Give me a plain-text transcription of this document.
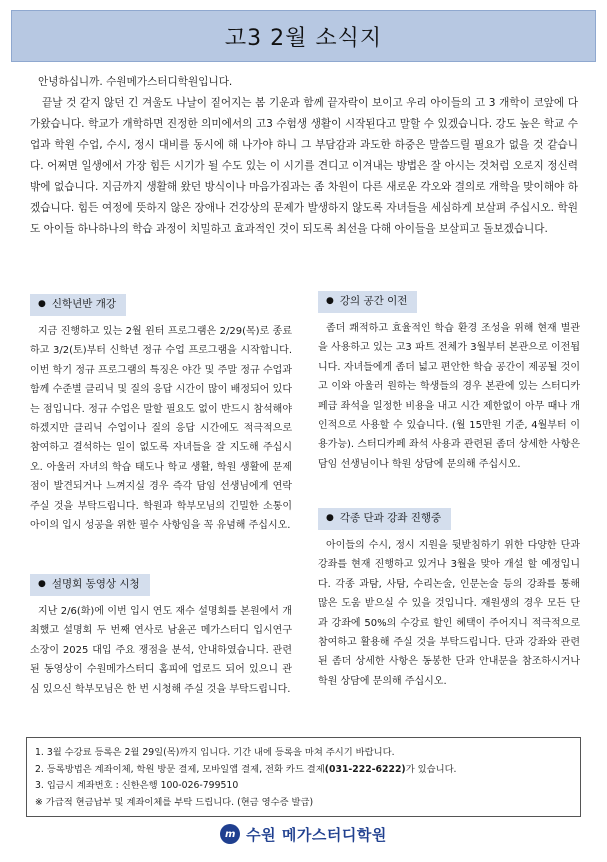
고3 2월 소식지

안녕하십니까. 수원메가스터디학원입니다.

끝날 것 같지 않던 긴 겨울도 나날이 짙어지는 봄 기운과 함께 끝자락이 보이고 우리 아이들의 고 3 개학이 코앞에 다가왔습니다. 학교가 개학하면 진정한 의미에서의 고3 수험생 생활이 시작된다고 말할 수 있겠습니다. 강도 높은 학교 수업과 학원 수업, 수시, 정시 대비를 동시에 해 나가야 하니 그 부담감과 과도한 하중은 말씀드릴 필요가 없을 것 같습니다. 어쩌면 일생에서 가장 힘든 시기가 될 수도 있는 이 시기를 견디고 이겨내는 방법은 잘 아시는 것처럼 오로지 정신력밖에 없습니다. 지금까지 생활해 왔던 방식이나 마음가짐과는 좀 차원이 다른 새로운 각오와 결의로 개학을 맞이해야 하겠습니다. 힘든 여정에 뜻하지 않은 장애나 건강상의 문제가 발생하지 않도록 자녀들을 세심하게 보살펴 주십시오. 학원도 아이들 하나하나의 학습 과정이 치밀하고 효과적인 것이 되도록 최선을 다해 아이들을 보살피고 돌보겠습니다.

● 신학년반 개강

지금 진행하고 있는 2월 윈터 프로그램은 2/29(목)로 종료하고 3/2(토)부터 신학년 정규 수업 프로그램을 시작합니다. 이번 학기 정규 프로그램의 특징은 야간 및 주말 정규 수업과 함께 수준별 클리닉 및 질의 응답 시간이 많이 배정되어 있다는 점입니다. 정규 수업은 말할 필요도 없이 반드시 참석해야 하겠지만 클리닉 수업이나 질의 응답 시간에도 적극적으로 참여하고 결석하는 일이 없도록 자녀들을 잘 지도해 주십시오. 아울러 자녀의 학습 태도나 학교 생활, 학원 생활에 문제점이 발견되거나 느껴지실 경우 즉각 담임 선생님에게 연락주실 것을 부탁드립니다. 학원과 학부모님의 긴밀한 소통이 아이의 입시 성공을 위한 필수 사항임을 꼭 유념해 주십시오.

● 설명회 동영상 시청

지난 2/6(화)에 이번 입시 연도 재수 설명회를 본원에서 개최했고 설명회 두 번째 연사로 남윤곤 메가스터디 입시연구소장이 2025 대입 주요 쟁점을 분석, 안내하였습니다. 관련된 동영상이 수원메가스터디 홈피에 업로드 되어 있으니 관심 있으신 학부모님은 한 번 시청해 주실 것을 부탁드립니다.

● 강의 공간 이전

좀더 쾌적하고 효율적인 학습 환경 조성을 위해 현재 별관을 사용하고 있는 고3 파트 전체가 3월부터 본관으로 이전됩니다. 자녀들에게 좀더 넓고 편안한 학습 공간이 제공될 것이고 이와 아울러 원하는 학생들의 경우 본관에 있는 스터디카페급 좌석을 일정한 비용을 내고 시간 제한없이 아무 때나 개인적으로 사용할 수 있습니다. (월 15만원 기준, 4월부터 이용가능). 스터디카페 좌석 사용과 관련된 좀더 상세한 사항은 담임 선생님이나 학원 상담에 문의해 주십시오.

● 각종 단과 강좌 진행중

아이들의 수시, 정시 지원을 뒷받침하기 위한 다양한 단과 강좌를 현재 진행하고 있거나 3월을 맞아 개설 할 예정입니다. 각종 과탐, 사탐, 수리논술, 인문논술 등의 강좌를 통해 많은 도움 받으실 수 있을 것입니다. 재원생의 경우 모든 단과 강좌에 50%의 수강료 할인 혜택이 주어지니 적극적으로 참여하고 활용해 주실 것을 부탁드립니다. 단과 강좌와 관련된 좀더 상세한 사항은 동봉한 단과 안내문을 참조하시거나 학원 상담에 문의해 주십시오.

1. 3월 수강료 등록은 2월 29일(목)까지 입니다. 기간 내에 등록을 마쳐 주시기 바랍니다.
2. 등록방법은 계좌이체, 학원 방문 결제, 모바일앱 결제, 전화 카드 결제(031-222-6222)가 있습니다.
3. 입금시 계좌번호 : 신한은행 100-026-799510
※ 가급적 현금납부 및 계좌이체를 부탁 드립니다. (현금 영수증 발급)
m 수원 메가스터디학원
